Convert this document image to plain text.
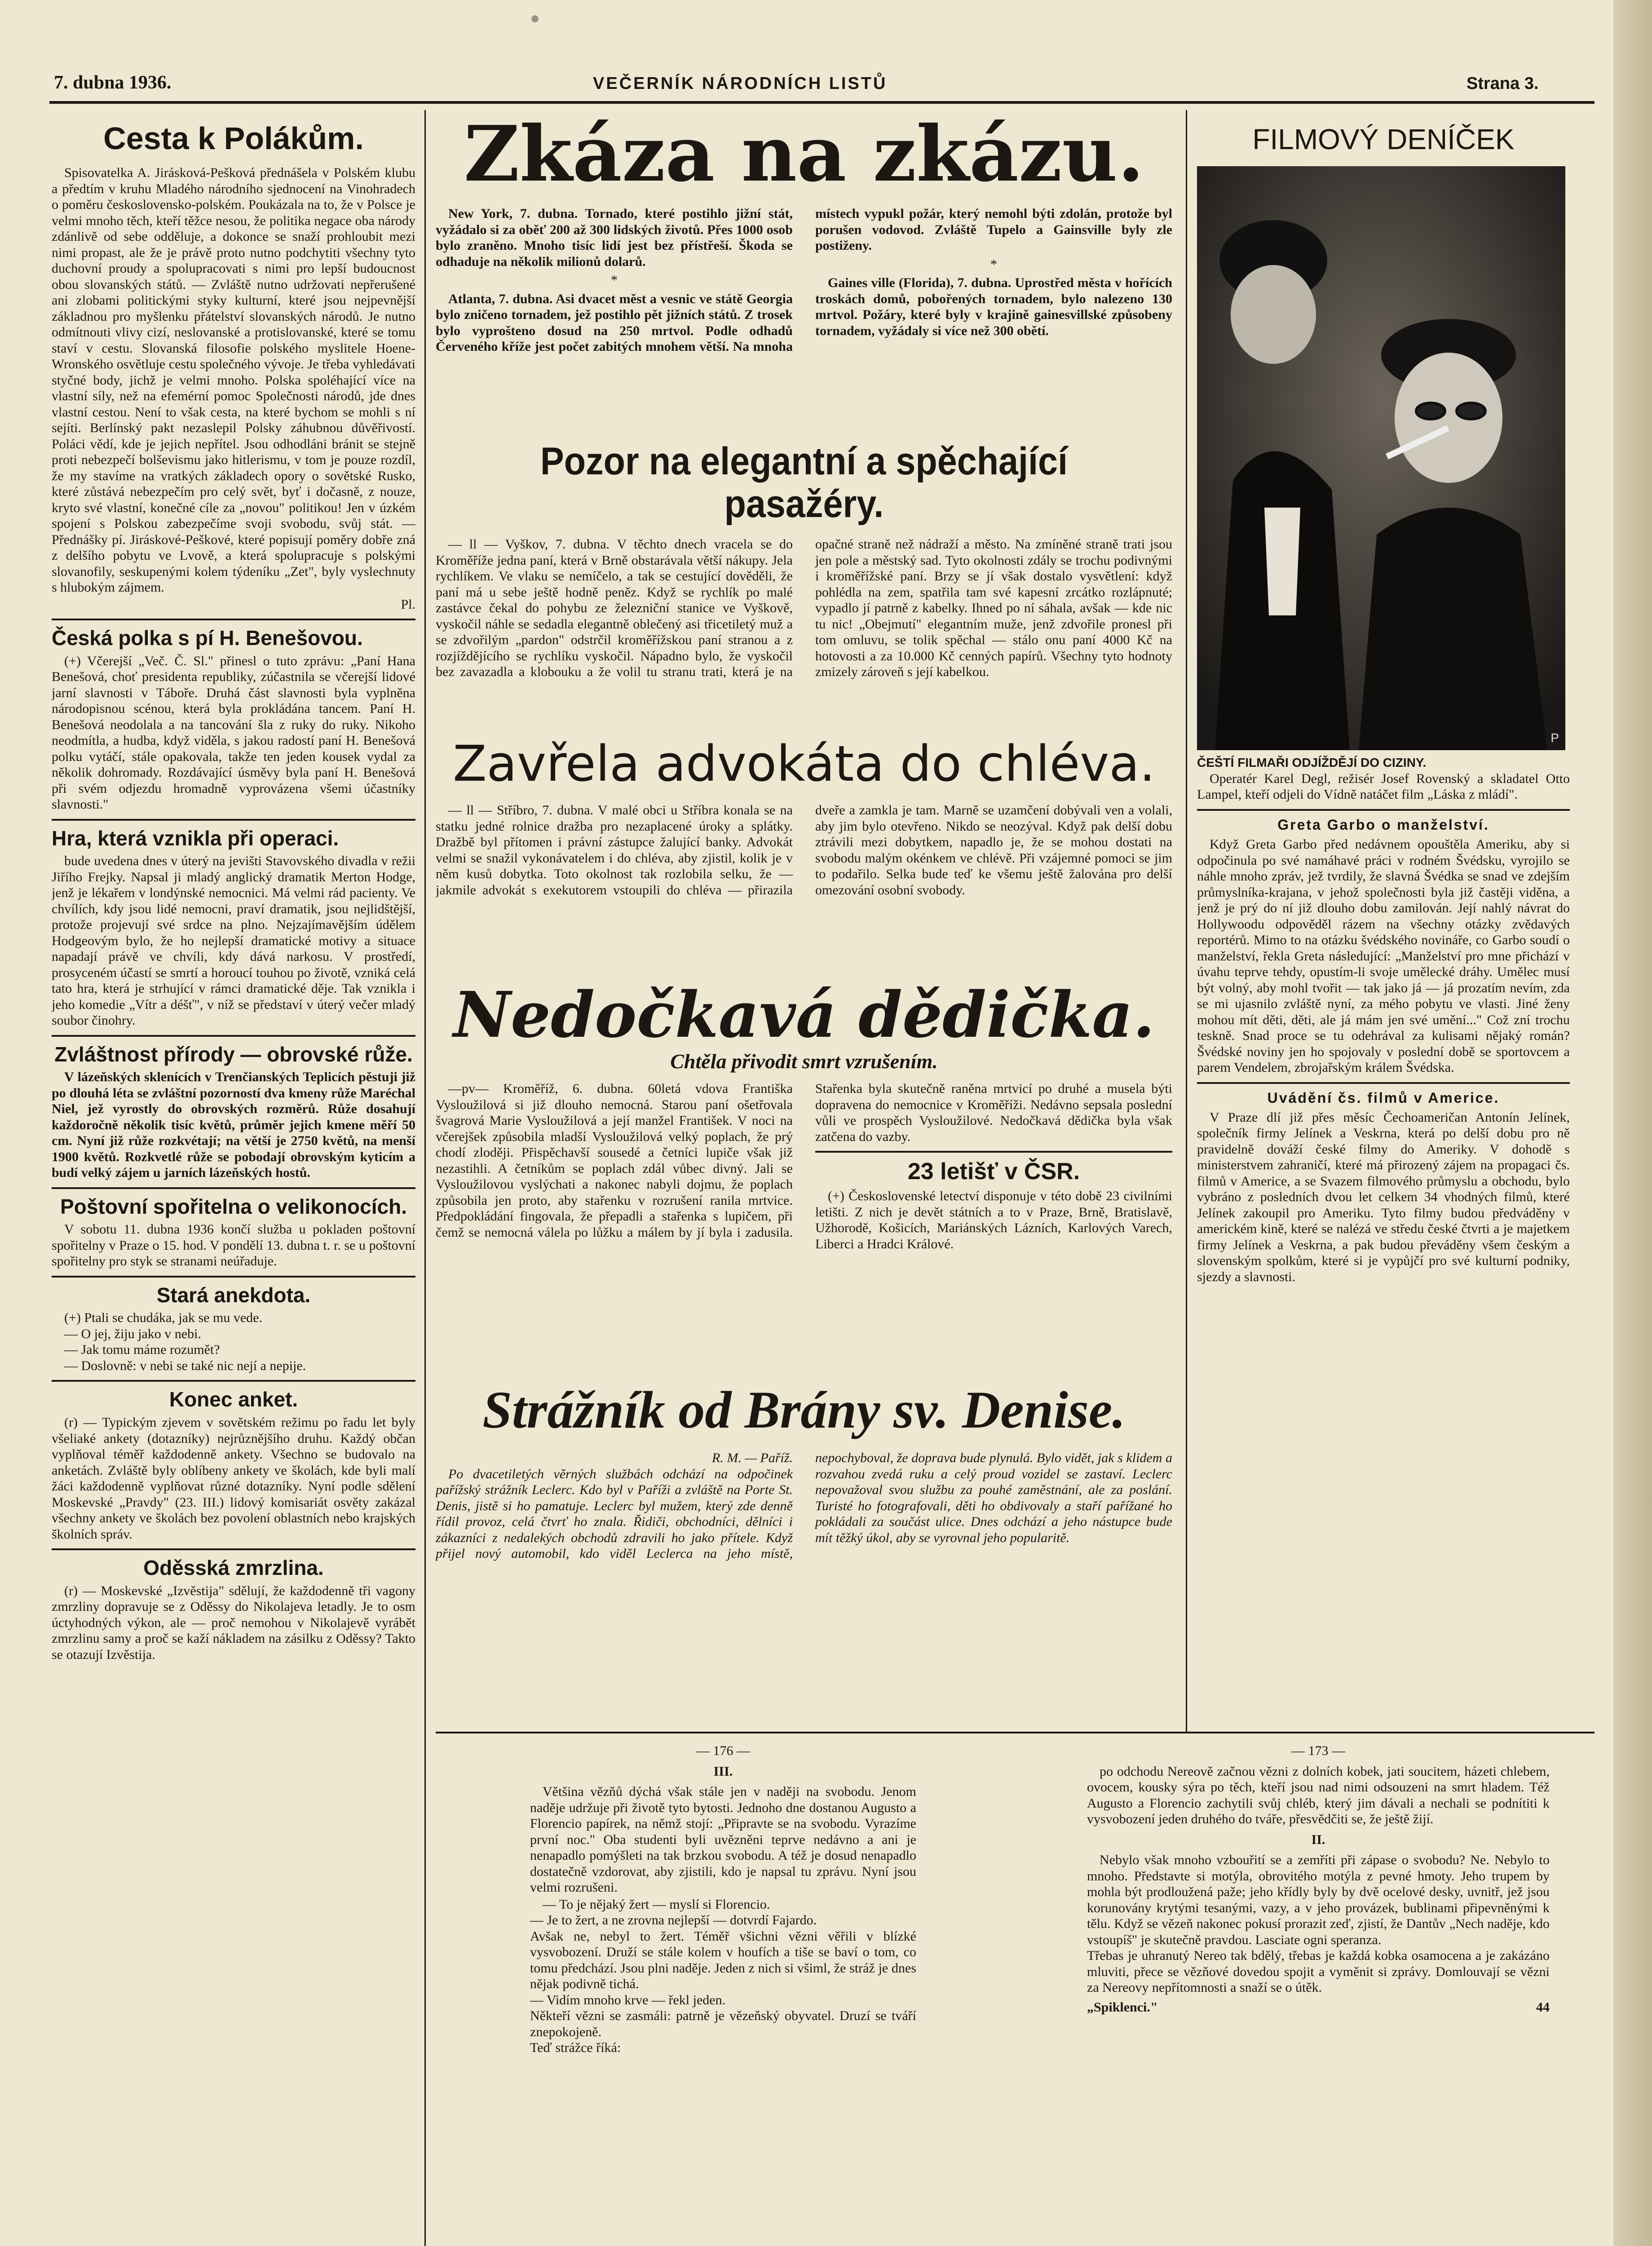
7. dubna 1936.	VEČERNÍK NÁRODNÍCH LISTŮ	Strana 3.
Cesta k Polákům.

Spisovatelka A. Jirásková-Pešková přednášela v Polském klubu a předtím v kruhu Mladého národního sjednocení na Vinohradech o poměru československo-polském. Poukázala na to, že v Polsce je velmi mnoho těch, kteří těžce nesou, že politika negace oba národy zdánlivě od sebe odděluje, a dokonce se snaží prohloubit mezi nimi propast, ale že je právě proto nutno podchytiti všechny tyto duchovní proudy a spolupracovati s nimi pro lepší budoucnost obou slovanských států. — Zvláště nutno udržovati nepřerušené ani zlobami politickými styky kulturní, které jsou nejpevnější základnou pro myšlenku přátelství slovanských národů. Je nutno odmítnouti vlivy cizí, neslovanské a protislovanské, které se tomu staví v cestu. Slovanská filosofie polského myslitele Hoene-Wronského osvětluje cestu společného vývoje. Je třeba vyhledávati styčné body, jichž je velmi mnoho. Polska spoléhající více na vlastní síly, než na efemérní pomoc Společnosti národů, jde dnes vlastní cestou. Není to však cesta, na které bychom se mohli s ní sejíti. Berlínský pakt nezaslepil Polsky záhubnou důvěřivostí. Poláci vědí, kde je jejich nepřítel. Jsou odhodláni bránit se stejně proti nebezpečí bolševismu jako hitlerismu, v tom je pouze rozdíl, že my stavíme na vratkých základech opory o sovětské Rusko, které zůstává nebezpečím pro celý svět, byť i dočasně, z nouze, kryto své vlastní, konečné cíle za „novou" politikou! Jen v úzkém spojení s Polskou zabezpečíme svoji svobodu, svůj stát. — Přednášky pí. Jiráskové-Peškové, které popisují poměry dobře zná z delšího pobytu ve Lvově, a která spolupracuje s polskými slovanofily, seskupenými kolem týdeníku „Zet", byly vyslechnuty s hlubokým zájmem.

Pl.
Česká polka s pí H. Benešovou.

(+) Včerejší „Več. Č. Sl." přinesl o tuto zprávu: „Paní Hana Benešová, choť presidenta republiky, zúčastnila se včerejší lidové jarní slavnosti v Táboře. Druhá část slavnosti byla vyplněna národopisnou scénou, která byla prokládána tancem. Paní H. Benešová neodolala a na tancování šla z ruky do ruky. Nikoho neodmítla, a hudba, když viděla, s jakou radostí paní H. Benešová polku vytáčí, stále opakovala, takže ten jeden kousek vydal za několik dohromady. Rozdávající úsměvy byla paní H. Benešová při svém odjezdu hromadně vyprovázena všemi účastníky slavnosti."

Hra, která vznikla při operaci.

bude uvedena dnes v úterý na jevišti Stavovského divadla v režii Jiřího Frejky. Napsal ji mladý anglický dramatik Merton Hodge, jenž je lékařem v londýnské nemocnici. Má velmi rád pacienty. Ve chvílích, kdy jsou lidé nemocni, praví dramatik, jsou nejlidštější, protože projevují své srdce na plno. Nejzajímavějším údělem Hodgeovým bylo, že ho nejlepší dramatické motivy a situace napadají právě ve chvíli, kdy dává narkosu. V prostředí, prosyceném účastí se smrtí a horoucí touhou po životě, vzniká celá tato hra, která je strhující v rámci dramatické děje. Tak vznikla i jeho komedie „Vítr a déšť", v níž se představí v úterý večer mladý soubor činohry.

Zvláštnost přírody — obrovské růže.

V lázeňských sklenících v Trenčianských Teplicích pěstuji již po dlouhá léta se zvláštní pozorností dva kmeny růže Maréchal Niel, jež vyrostly do obrovských rozměrů. Růže dosahují každoročně několik tisíc květů, průměr jejich kmene měří 50 cm. Nyní již růže rozkvétají; na větší je 2750 květů, na menší 1900 květů. Rozkvetlé růže se pobodají obrovským kyticím a budí velký zájem u jarních lázeňských hostů.

Poštovní spořitelna o velikonocích.

V sobotu 11. dubna 1936 končí služba u pokladen poštovní spořitelny v Praze o 15. hod. V pondělí 13. dubna t. r. se u poštovní spořitelny pro styk se stranami neúřaduje.

Stará anekdota.
(+) Ptali se chudáka, jak se mu vede.
— O jej, žiju jako v nebi.
— Jak tomu máme rozumět?
— Doslovně: v nebi se také nic nejí a nepije.
Konec anket.

(r) — Typickým zjevem v sovětském režimu po řadu let byly všeliaké ankety (dotazníky) nejrůznějšího druhu. Každý občan vyplňoval téměř každodenně ankety. Všechno se budovalo na anketách. Zvláště byly oblíbeny ankety ve školách, kde byli malí žáci každodenně vyplňovat různé dotazníky. Nyní podle sdělení Moskevské „Pravdy" (23. III.) lidový komisariát osvěty zakázal všechny ankety ve školách bez povolení oblastních nebo krajských školních správ.

Oděsská zmrzlina.

(r) — Moskevské „Izvěstija" sdělují, že každodenně tři vagony zmrzliny dopravuje se z Oděssy do Nikolajeva letadly. Je to osm úctyhodných výkon, ale — proč nemohou v Nikolajevě vyrábět zmrzlinu samy a proč se kaží nákladem na zásilku z Oděssy? Takto se otazují Izvěstija.

Zkáza na zkázu.

New York, 7. dubna. Tornado, které postihlo jižní stát, vyžádalo si za oběť 200 až 300 lidských životů. Přes 1000 osob bylo zraněno. Mnoho tisíc lidí jest bez přístřeší. Škoda se odhaduje na několik milionů dolarů.

*

Atlanta, 7. dubna. Asi dvacet měst a vesnic ve státě Georgia bylo zničeno tornadem, jež postihlo pět jižních států. Z trosek bylo vyprošteno dosud na 250 mrtvol. Podle odhadů Červeného kříže jest počet zabitých mnohem větší. Na mnoha místech vypukl požár, který nemohl býti zdolán, protože byl porušen vodovod. Zvláště Tupelo a Gainsville byly zle postiženy.

*

Gaines ville (Florida), 7. dubna. Uprostřed města v hořících troskách domů, pobořených tornadem, bylo nalezeno 130 mrtvol. Požáry, které byly v krajině gainesvillské způsobeny tornadem, vyžádaly si více než 300 obětí.

Pozor na elegantní a spěchající pasažéry.

— ll — Vyškov, 7. dubna. V těchto dnech vracela se do Kroměříže jedna paní, která v Brně obstarávala větší nákupy. Jela rychlíkem. Ve vlaku se nemíčelo, a tak se cestující dověděli, že paní má u sebe ještě hodně peněz. Když se rychlík po malé zastávce čekal do pohybu ze železniční stanice ve Vyškově, vyskočil náhle se sedadla elegantně oblečený asi třicetiletý muž a se zdvořilým „pardon" odstrčil kroměřížskou paní stranou a z rozjíždějícího se rychlíku vyskočil. Nápadno bylo, že vyskočil bez zavazadla a klobouku a že volil tu stranu trati, která je na opačné straně než nádraží a město. Na zmíněné straně trati jsou jen pole a městský sad. Tyto okolnosti zdály se trochu podivnými i kroměřížské paní. Brzy se jí však dostalo vysvětlení: když pohlédla na zem, spatřila tam své kapesní zrcátko rozlápnuté; vypadlo jí patrně z kabelky. Ihned po ní sáhala, avšak — kde nic tu nic! „Obejmutí" elegantním muže, jenž zdvořile pronesl při tom omluvu, se tolik spěchal — stálo onu paní 4000 Kč na hotovosti a za 10.000 Kč cenných papírů. Všechny tyto hodnoty zmizely zároveň s její kabelkou.

Zavřela advokáta do chléva.

— ll — Stříbro, 7. dubna. V malé obci u Stříbra konala se na statku jedné rolnice dražba pro nezaplacené úroky a splátky. Dražbě byl přítomen i právní zástupce žalující banky. Advokát velmi se snažil vykonávatelem i do chléva, aby zjistil, kolik je v něm kusů dobytka. Toto okolnost tak rozlobila selku, že — jakmile advokát s exekutorem vstoupili do chléva — přirazila dveře a zamkla je tam. Marně se uzamčení dobývali ven a volali, aby jim bylo otevřeno. Nikdo se neozýval. Když pak delší dobu ztrávili mezi dobytkem, napadlo je, že se mohou dostati na svobodu malým okénkem ve chlévě. Při vzájemné pomoci se jim to podařilo. Selka bude teď ke všemu ještě žalována pro delší omezování osobní svobody.

Nedočkavá dědička.
Chtěla přivodit smrt vzrušením.

—pv— Kroměříž, 6. dubna. 60letá vdova Františka Vysloužilová si již dlouho nemocná. Starou paní ošetřovala švagrová Marie Vysloužilová a její manžel František. V noci na včerejšek způsobila mladší Vysloužilová velký poplach, že prý chodí zloději. Přispěchavší sousedé a četníci lupiče však již nezastihli. A četníkům se poplach zdál vůbec divný. Jali se Vysloužilovou vyslýchati a nakonec nabyli dojmu, že poplach způsobila jen proto, aby stařenku v rozrušení ranila mrtvice. Předpokládání fingovala, že přepadli a stařenka s lupičem, při čemž se nemocná válela po lůžku a málem by jí byla i zadusila. Stařenka byla skutečně raněna mrtvicí po druhé a musela býti dopravena do nemocnice v Kroměříži. Nedávno sepsala poslední vůli ve prospěch Vysloužilové. Nedočkavá dědička byla však zatčena do vazby.

23 letišť v ČSR.

(+) Československé letectví disponuje v této době 23 civilními letišti. Z nich je devět státních a to v Praze, Brně, Bratislavě, Užhorodě, Košicích, Mariánských Lázních, Karlových Varech, Liberci a Hradci Králové.

Strážník od Brány sv. Denise.
R. M. — Paříž.

Po dvacetiletých věrných službách odchází na odpočinek pařížský strážník Leclerc. Kdo byl v Paříži a zvláště na Porte St. Denis, jistě si ho pamatuje. Leclerc byl mužem, který zde denně řídil provoz, celá čtvrť ho znala. Řidiči, obchodníci, dělníci i zákazníci z nedalekých obchodů zdravili ho jako přítele. Když přijel nový automobil, kdo viděl Leclerca na jeho místě, nepochyboval, že doprava bude plynulá. Bylo vidět, jak s klidem a rozvahou zvedá ruku a celý proud vozidel se zastaví. Leclerc nepovažoval svou službu za pouhé zaměstnání, ale za poslání. Turisté ho fotografovali, děti ho obdivovaly a staří pařížané ho pokládali za součást ulice. Dnes odchází a jeho nástupce bude mít těžký úkol, aby se vyrovnal jeho popularitě.

— 176 —
III.

Většina vězňů dýchá však stále jen v naději na svobodu. Jenom naděje udržuje při životě tyto bytosti. Jednoho dne dostanou Augusto a Florencio papírek, na němž stojí: „Připravte se na svobodu. Vyrazíme první noc." Oba studenti byli uvězněni teprve nedávno a ani je nenapadlo pomýšleti na tak brzkou svobodu. A též je dosud nenapadlo dostatečně vzdorovat, aby zjistili, kdo je napsal tu zprávu. Nyní jsou velmi rozrušeni.

— To je nějaký žert — myslí si Florencio.
— Je to žert, a ne zrovna nejlepší — dotvrdí Fajardo.
Avšak ne, nebyl to žert. Téměř všichni vězni věřili v blízké vysvobození. Druží se stále kolem v houfích a tiše se baví o tom, co tomu předchází. Jsou plni naděje. Jeden z nich si všiml, že stráž je dnes nějak podivně tichá.
— Vidím mnoho krve — řekl jeden.
Někteří vězni se zasmáli: patrně je vězeňský obyvatel. Druzí se tváří znepokojeně.
Teď strážce říká:

— 173 —

po odchodu Nereově začnou vězni z dolních kobek, jati soucitem, házeti chlebem, ovocem, kousky sýra po těch, kteří jsou nad nimi odsouzeni na smrt hladem. Též Augusto a Florencio zachytili svůj chléb, který jim dávali a nechali se podnítiti k vysvobození jeden druhého do tváře, přesvědčiti se, že ještě žijí.

II.

Nebylo však mnoho vzbouřití se a zemříti při zápase o svobodu? Ne. Nebylo to mnoho. Představte si motýla, obrovitého motýla z pevné hmoty. Jeho trupem by mohla být prodloužená paže; jeho křídly byly by dvě ocelové desky, uvnitř, jež jsou korunovány krytými tesanými, vazy, a v jeho provázek, bublinami připevněnými k tělu. Když se vězeň nakonec pokusí prorazit zeď, zjistí, že Dantův „Nech naděje, kdo vstoupíš" je skutečně pravdou. Lasciate ogni speranza.
Třebas je uhranutý Nereo tak bdělý, třebas je každá kobka osamocena a je zakázáno mluviti, přece se vězňové dovedou spojit a vyměnit si zprávy. Domlouvají se vězni za Nereovy nepřítomnosti a snaží se o útěk.

„Spiklenci."	44
FILMOVÝ DENÍČEK
P
ČEŠTÍ FILMAŘI ODJÍŽDĚJÍ DO CIZINY.

Operatér Karel Degl, režisér Josef Rovenský a skladatel Otto Lampel, kteří odjeli do Vídně natáčet film „Láska z mládí".

Greta Garbo o manželství.

Když Greta Garbo před nedávnem opouštěla Ameriku, aby si odpočinula po své namáhavé práci v rodném Švédsku, vyrojilo se náhle mnoho zpráv, jež tvrdily, že slavná Švédka se snad ve zdejším průmyslníka-krajana, v jehož společnosti byla již častěji viděna, a jenž je prý do ní již dlouho dobu zamilován. Její nahlý návrat do Hollywoodu odpověděl rázem na všechny otázky zvědavých reportérů. Mimo to na otázku švédského novináře, co Garbo soudí o manželství, řekla Greta následující: „Manželství pro mne přichází v úvahu teprve tehdy, opustím-li svoje umělecké dráhy. Umělec musí být volný, aby mohl tvořit — tak jako já — já prozatím nevím, zda se mi ujasnilo zvláště nyní, za mého pobytu ve vlasti. Jiné ženy mohou mít děti, děti, ale já mám jen své umění..." Což zní trochu teskně. Snad proce se tu odehrával za kulisami nějaký román? Švédské noviny jen ho spojovaly v poslední době se sportovcem a parem Vendelem, zbrojařským králem Švédska.

Uvádění čs. filmů v Americe.

V Praze dlí již přes měsíc Čechoameričan Antonín Jelínek, společník firmy Jelínek a Veskrna, která po delší dobu pro ně pravidelně dováží české filmy do Ameriky. V dohodě s ministerstvem zahraničí, které má přirozený zájem na propagaci čs. filmů v Americe, a se Svazem filmového průmyslu a obchodu, bylo vybráno z posledních dvou let celkem 34 vhodných filmů, které Jelínek zakoupil pro Ameriku. Tyto filmy budou předváděny v americkém kině, které se nalézá ve středu české čtvrti a je majetkem firmy Jelínek a Veskrna, a pak budou převáděny všem českým a slovenským spolkům, které si je vypůjčí pro své kulturní podniky, sjezdy a slavnosti.
